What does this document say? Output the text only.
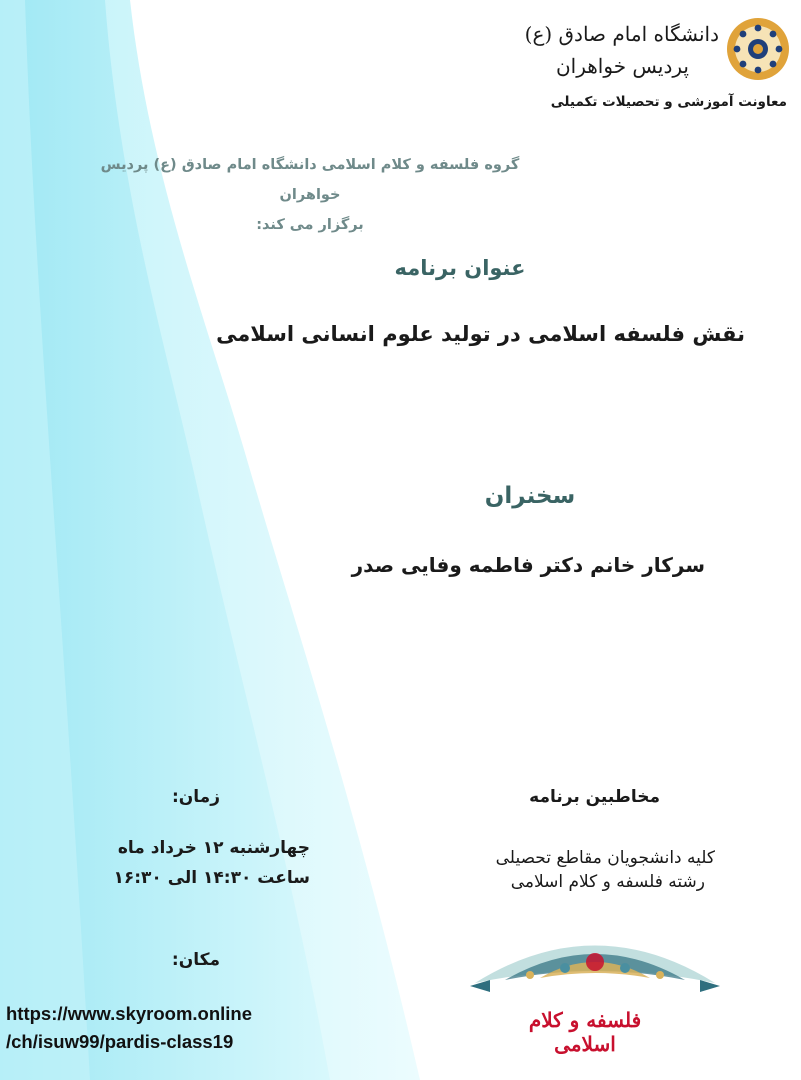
دانشگاه امام صادق (ع)
پردیس خواهران
معاونت آموزشی و تحصیلات تکمیلی
گروه فلسفه و کلام اسلامی دانشگاه امام صادق (ع) پردیس خواهران
برگزار می کند:
عنوان برنامه
نقش فلسفه اسلامی در تولید علوم انسانی اسلامی
سخنران
سرکار خانم دکتر فاطمه وفایی صدر
زمان:
چهارشنبه ۱۲ خرداد ماه
ساعت ۱۴:۳۰ الی ۱۶:۳۰
مخاطبین برنامه
کلیه دانشجویان مقاطع تحصیلی
رشته فلسفه و کلام اسلامی
مکان:
https://www.skyroom.online
/ch/isuw99/pardis-class19
فلسفه و کلام اسلامی
